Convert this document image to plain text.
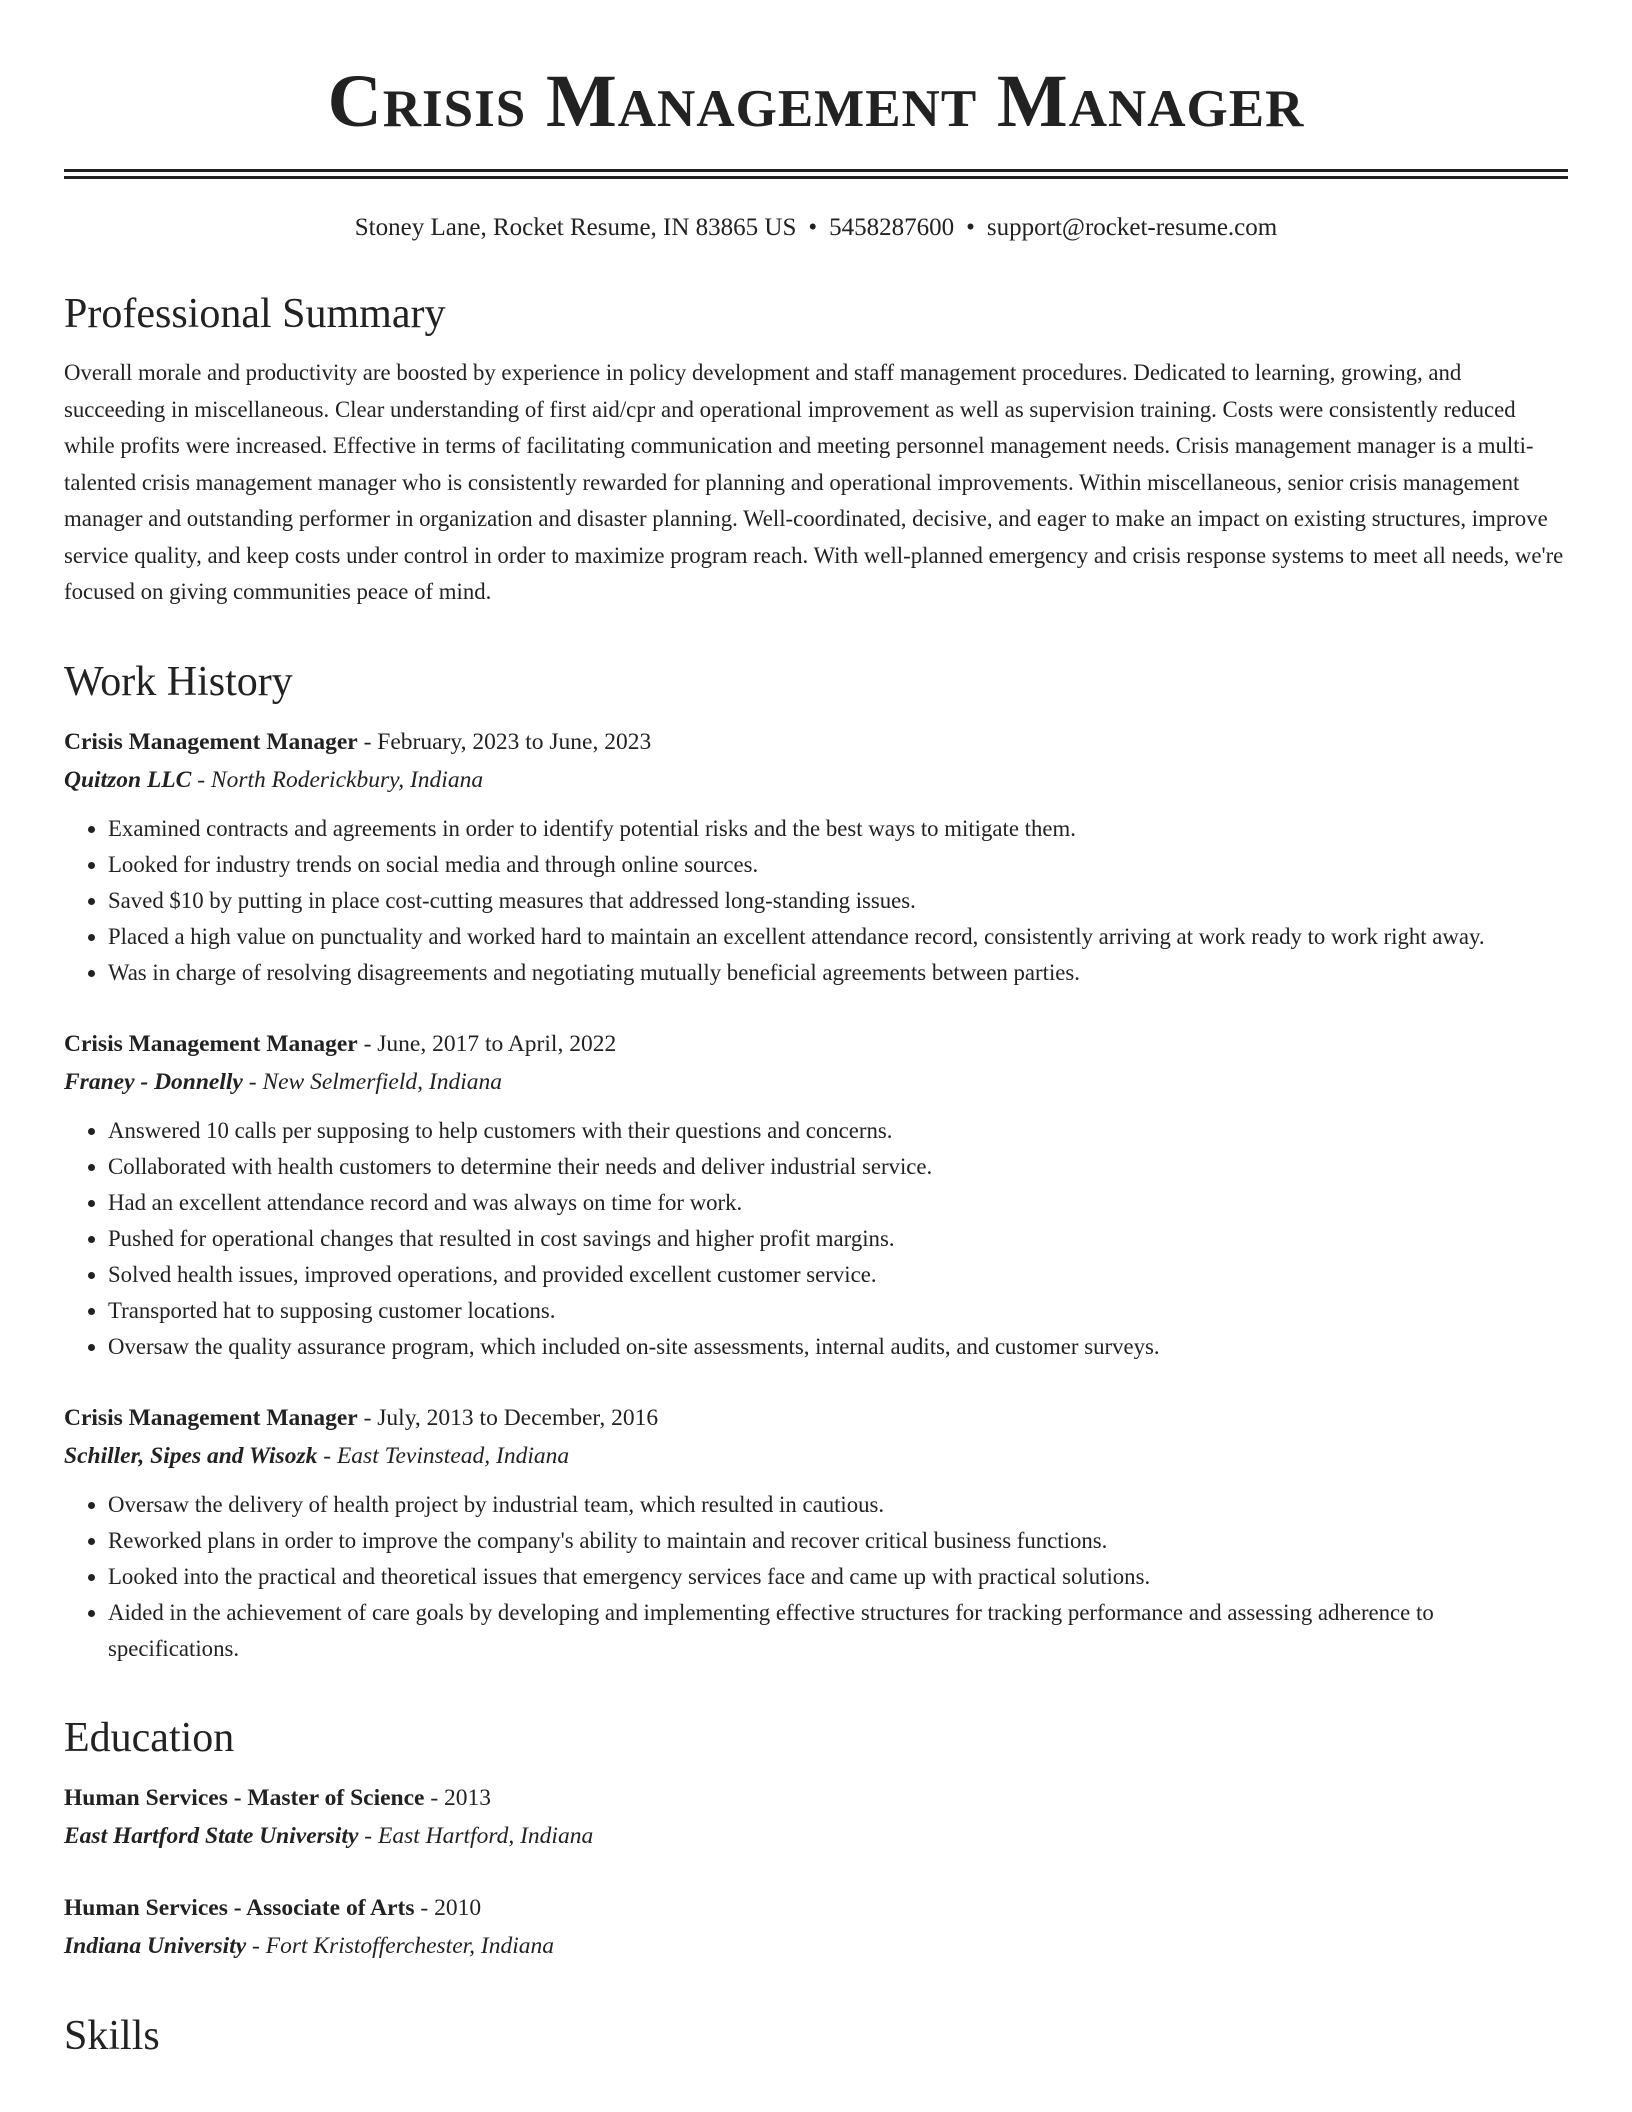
Crisis Management Manager
Stoney Lane, Rocket Resume, IN 83865 US • 5458287600 • support@rocket-resume.com
Professional Summary

Overall morale and productivity are boosted by experience in policy development and staff management procedures. Dedicated to learning, growing, and succeeding in miscellaneous. Clear understanding of first aid/cpr and operational improvement as well as supervision training. Costs were consistently reduced while profits were increased. Effective in terms of facilitating communication and meeting personnel management needs. Crisis management manager is a multi-talented crisis management manager who is consistently rewarded for planning and operational improvements. Within miscellaneous, senior crisis management manager and outstanding performer in organization and disaster planning. Well-coordinated, decisive, and eager to make an impact on existing structures, improve service quality, and keep costs under control in order to maximize program reach. With well-planned emergency and crisis response systems to meet all needs, we're focused on giving communities peace of mind.

Work History
Crisis Management Manager - February, 2023 to June, 2023
Quitzon LLC - North Roderickbury, Indiana
• Examined contracts and agreements in order to identify potential risks and the best ways to mitigate them.
• Looked for industry trends on social media and through online sources.
• Saved $10 by putting in place cost-cutting measures that addressed long-standing issues.
• Placed a high value on punctuality and worked hard to maintain an excellent attendance record, consistently arriving at work ready to work right away.
• Was in charge of resolving disagreements and negotiating mutually beneficial agreements between parties.
Crisis Management Manager - June, 2017 to April, 2022
Franey - Donnelly - New Selmerfield, Indiana
• Answered 10 calls per supposing to help customers with their questions and concerns.
• Collaborated with health customers to determine their needs and deliver industrial service.
• Had an excellent attendance record and was always on time for work.
• Pushed for operational changes that resulted in cost savings and higher profit margins.
• Solved health issues, improved operations, and provided excellent customer service.
• Transported hat to supposing customer locations.
• Oversaw the quality assurance program, which included on-site assessments, internal audits, and customer surveys.
Crisis Management Manager - July, 2013 to December, 2016
Schiller, Sipes and Wisozk - East Tevinstead, Indiana
• Oversaw the delivery of health project by industrial team, which resulted in cautious.
• Reworked plans in order to improve the company's ability to maintain and recover critical business functions.
• Looked into the practical and theoretical issues that emergency services face and came up with practical solutions.
• Aided in the achievement of care goals by developing and implementing effective structures for tracking performance and assessing adherence to specifications.
Education
Human Services - Master of Science - 2013
East Hartford State University - East Hartford, Indiana
Human Services - Associate of Arts - 2010
Indiana University - Fort Kristofferchester, Indiana
Skills
